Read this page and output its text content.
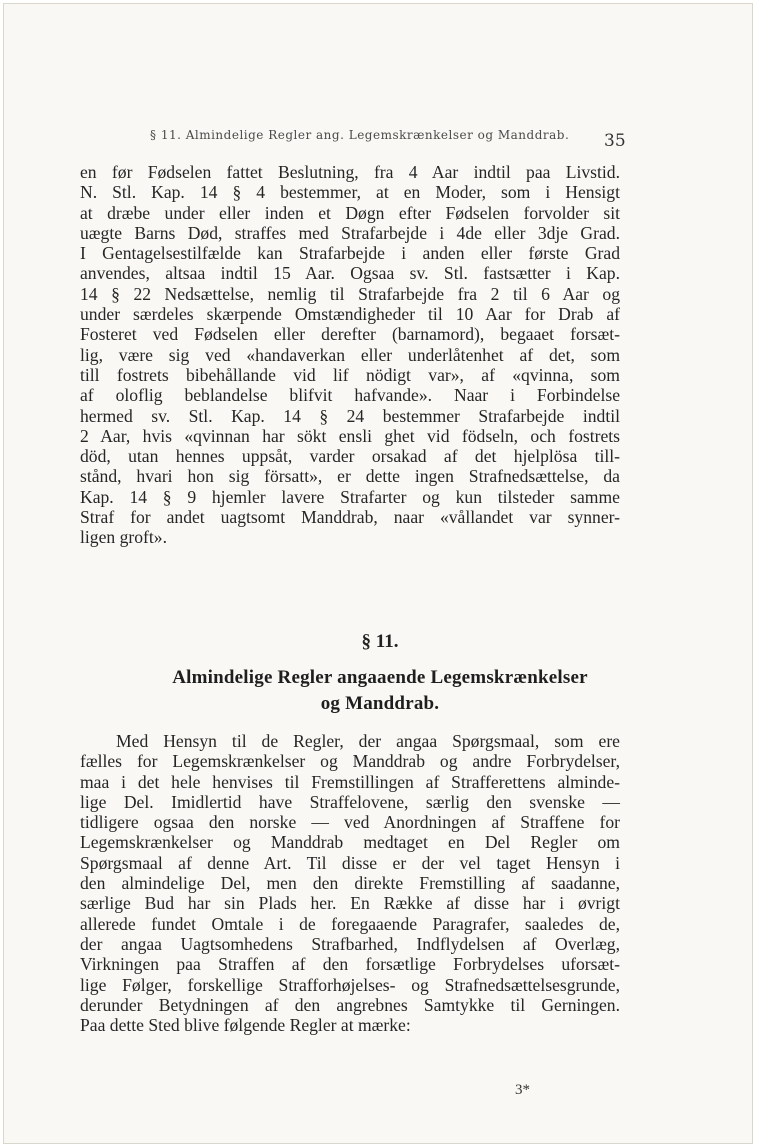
§ 11. Almindelige Regler ang. Legemskrænkelser og Manddrab. 35
en før Fødselen fattet Beslutning, fra 4 Aar indtil paa Livstid.
N. Stl. Kap. 14 § 4 bestemmer, at en Moder, som i Hensigt
at dræbe under eller inden et Døgn efter Fødselen forvolder sit
uægte Barns Død, straffes med Strafarbejde i 4de eller 3dje Grad.
I Gentagelsestilfælde kan Strafarbejde i anden eller første Grad
anvendes, altsaa indtil 15 Aar. Ogsaa sv. Stl. fastsætter i Kap.
14 § 22 Nedsættelse, nemlig til Strafarbejde fra 2 til 6 Aar og
under særdeles skærpende Omstændigheder til 10 Aar for Drab af
Fosteret ved Fødselen eller derefter (barnamord), begaaet forsæt-
lig, være sig ved «handaverkan eller underlåtenhet af det, som
till fostrets bibehållande vid lif nödigt var», af «qvinna, som
af oloflig beblandelse blifvit hafvande». Naar i Forbindelse
hermed sv. Stl. Kap. 14 § 24 bestemmer Strafarbejde indtil
2 Aar, hvis «qvinnan har sökt ensli ghet vid födseln, och fostrets
död, utan hennes uppsåt, varder orsakad af det hjelplösa till-
stånd, hvari hon sig försatt», er dette ingen Strafnedsættelse, da
Kap. 14 § 9 hjemler lavere Strafarter og kun tilsteder samme
Straf for andet uagtsomt Manddrab, naar «vållandet var synner-
ligen groft».
§ 11.
Almindelige Regler angaaende Legemskrænkelser
og Manddrab.
Med Hensyn til de Regler, der angaa Spørgsmaal, som ere
fælles for Legemskrænkelser og Manddrab og andre Forbrydelser,
maa i det hele henvises til Fremstillingen af Strafferettens alminde-
lige Del. Imidlertid have Straffelovene, særlig den svenske —
tidligere ogsaa den norske — ved Anordningen af Straffene for
Legemskrænkelser og Manddrab medtaget en Del Regler om
Spørgsmaal af denne Art. Til disse er der vel taget Hensyn i
den almindelige Del, men den direkte Fremstilling af saadanne,
særlige Bud har sin Plads her. En Række af disse har i øvrigt
allerede fundet Omtale i de foregaaende Paragrafer, saaledes de,
der angaa Uagtsomhedens Strafbarhed, Indflydelsen af Overlæg,
Virkningen paa Straffen af den forsætlige Forbrydelses uforsæt-
lige Følger, forskellige Strafforhøjelses- og Strafnedsættelsesgrunde,
derunder Betydningen af den angrebnes Samtykke til Gerningen.
Paa dette Sted blive følgende Regler at mærke:
3*
